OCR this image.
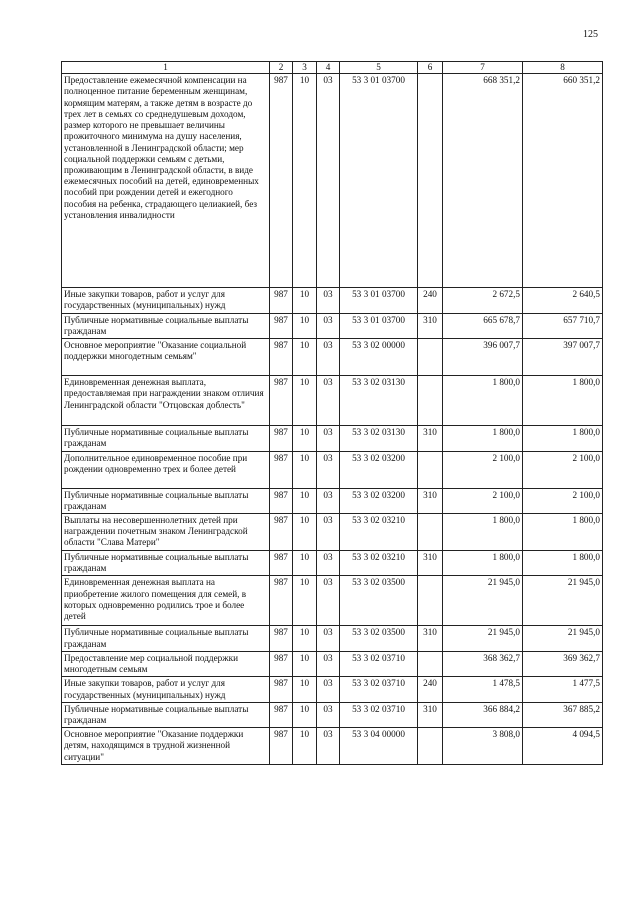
125
1	2	3	4	5	6	7	8
Предоставление ежемесячной компенсации на полноценное питание беременным женщинам, кормящим матерям, а также детям в возрасте до трех лет в семьях со среднедушевым доходом, размер которого не превышает величины прожиточного минимума на душу населения, установленной в Ленинградской области; мер социальной поддержки семьям с детьми, проживающим в Ленинградской области, в виде ежемесячных пособий на детей, единовременных пособий при рождении детей и ежегодного пособия на ребенка, страдающего целиакией, без установления инвалидности	987	10	03	53 3 01 03700		668 351,2	660 351,2
Иные закупки товаров, работ и услуг для государственных (муниципальных) нужд	987	10	03	53 3 01 03700	240	2 672,5	2 640,5
Публичные нормативные социальные выплаты гражданам	987	10	03	53 3 01 03700	310	665 678,7	657 710,7
Основное мероприятие "Оказание социальной поддержки многодетным семьям"	987	10	03	53 3 02 00000		396 007,7	397 007,7
Единовременная денежная выплата, предоставляемая при награждении знаком отличия Ленинградской области "Отцовская доблесть"	987	10	03	53 3 02 03130		1 800,0	1 800,0
Публичные нормативные социальные выплаты гражданам	987	10	03	53 3 02 03130	310	1 800,0	1 800,0
Дополнительное единовременное пособие при рождении одновременно трех и более детей	987	10	03	53 3 02 03200		2 100,0	2 100,0
Публичные нормативные социальные выплаты гражданам	987	10	03	53 3 02 03200	310	2 100,0	2 100,0
Выплаты на несовершеннолетних детей при награждении почетным знаком Ленинградской области "Слава Матери"	987	10	03	53 3 02 03210		1 800,0	1 800,0
Публичные нормативные социальные выплаты гражданам	987	10	03	53 3 02 03210	310	1 800,0	1 800,0
Единовременная денежная выплата на приобретение жилого помещения для семей, в которых одновременно родились трое и более детей	987	10	03	53 3 02 03500		21 945,0	21 945,0
Публичные нормативные социальные выплаты гражданам	987	10	03	53 3 02 03500	310	21 945,0	21 945,0
Предоставление мер социальной поддержки многодетным семьям	987	10	03	53 3 02 03710		368 362,7	369 362,7
Иные закупки товаров, работ и услуг для государственных (муниципальных) нужд	987	10	03	53 3 02 03710	240	1 478,5	1 477,5
Публичные нормативные социальные выплаты гражданам	987	10	03	53 3 02 03710	310	366 884,2	367 885,2
Основное мероприятие "Оказание поддержки детям, находящимся в трудной жизненной ситуации"	987	10	03	53 3 04 00000		3 808,0	4 094,5
